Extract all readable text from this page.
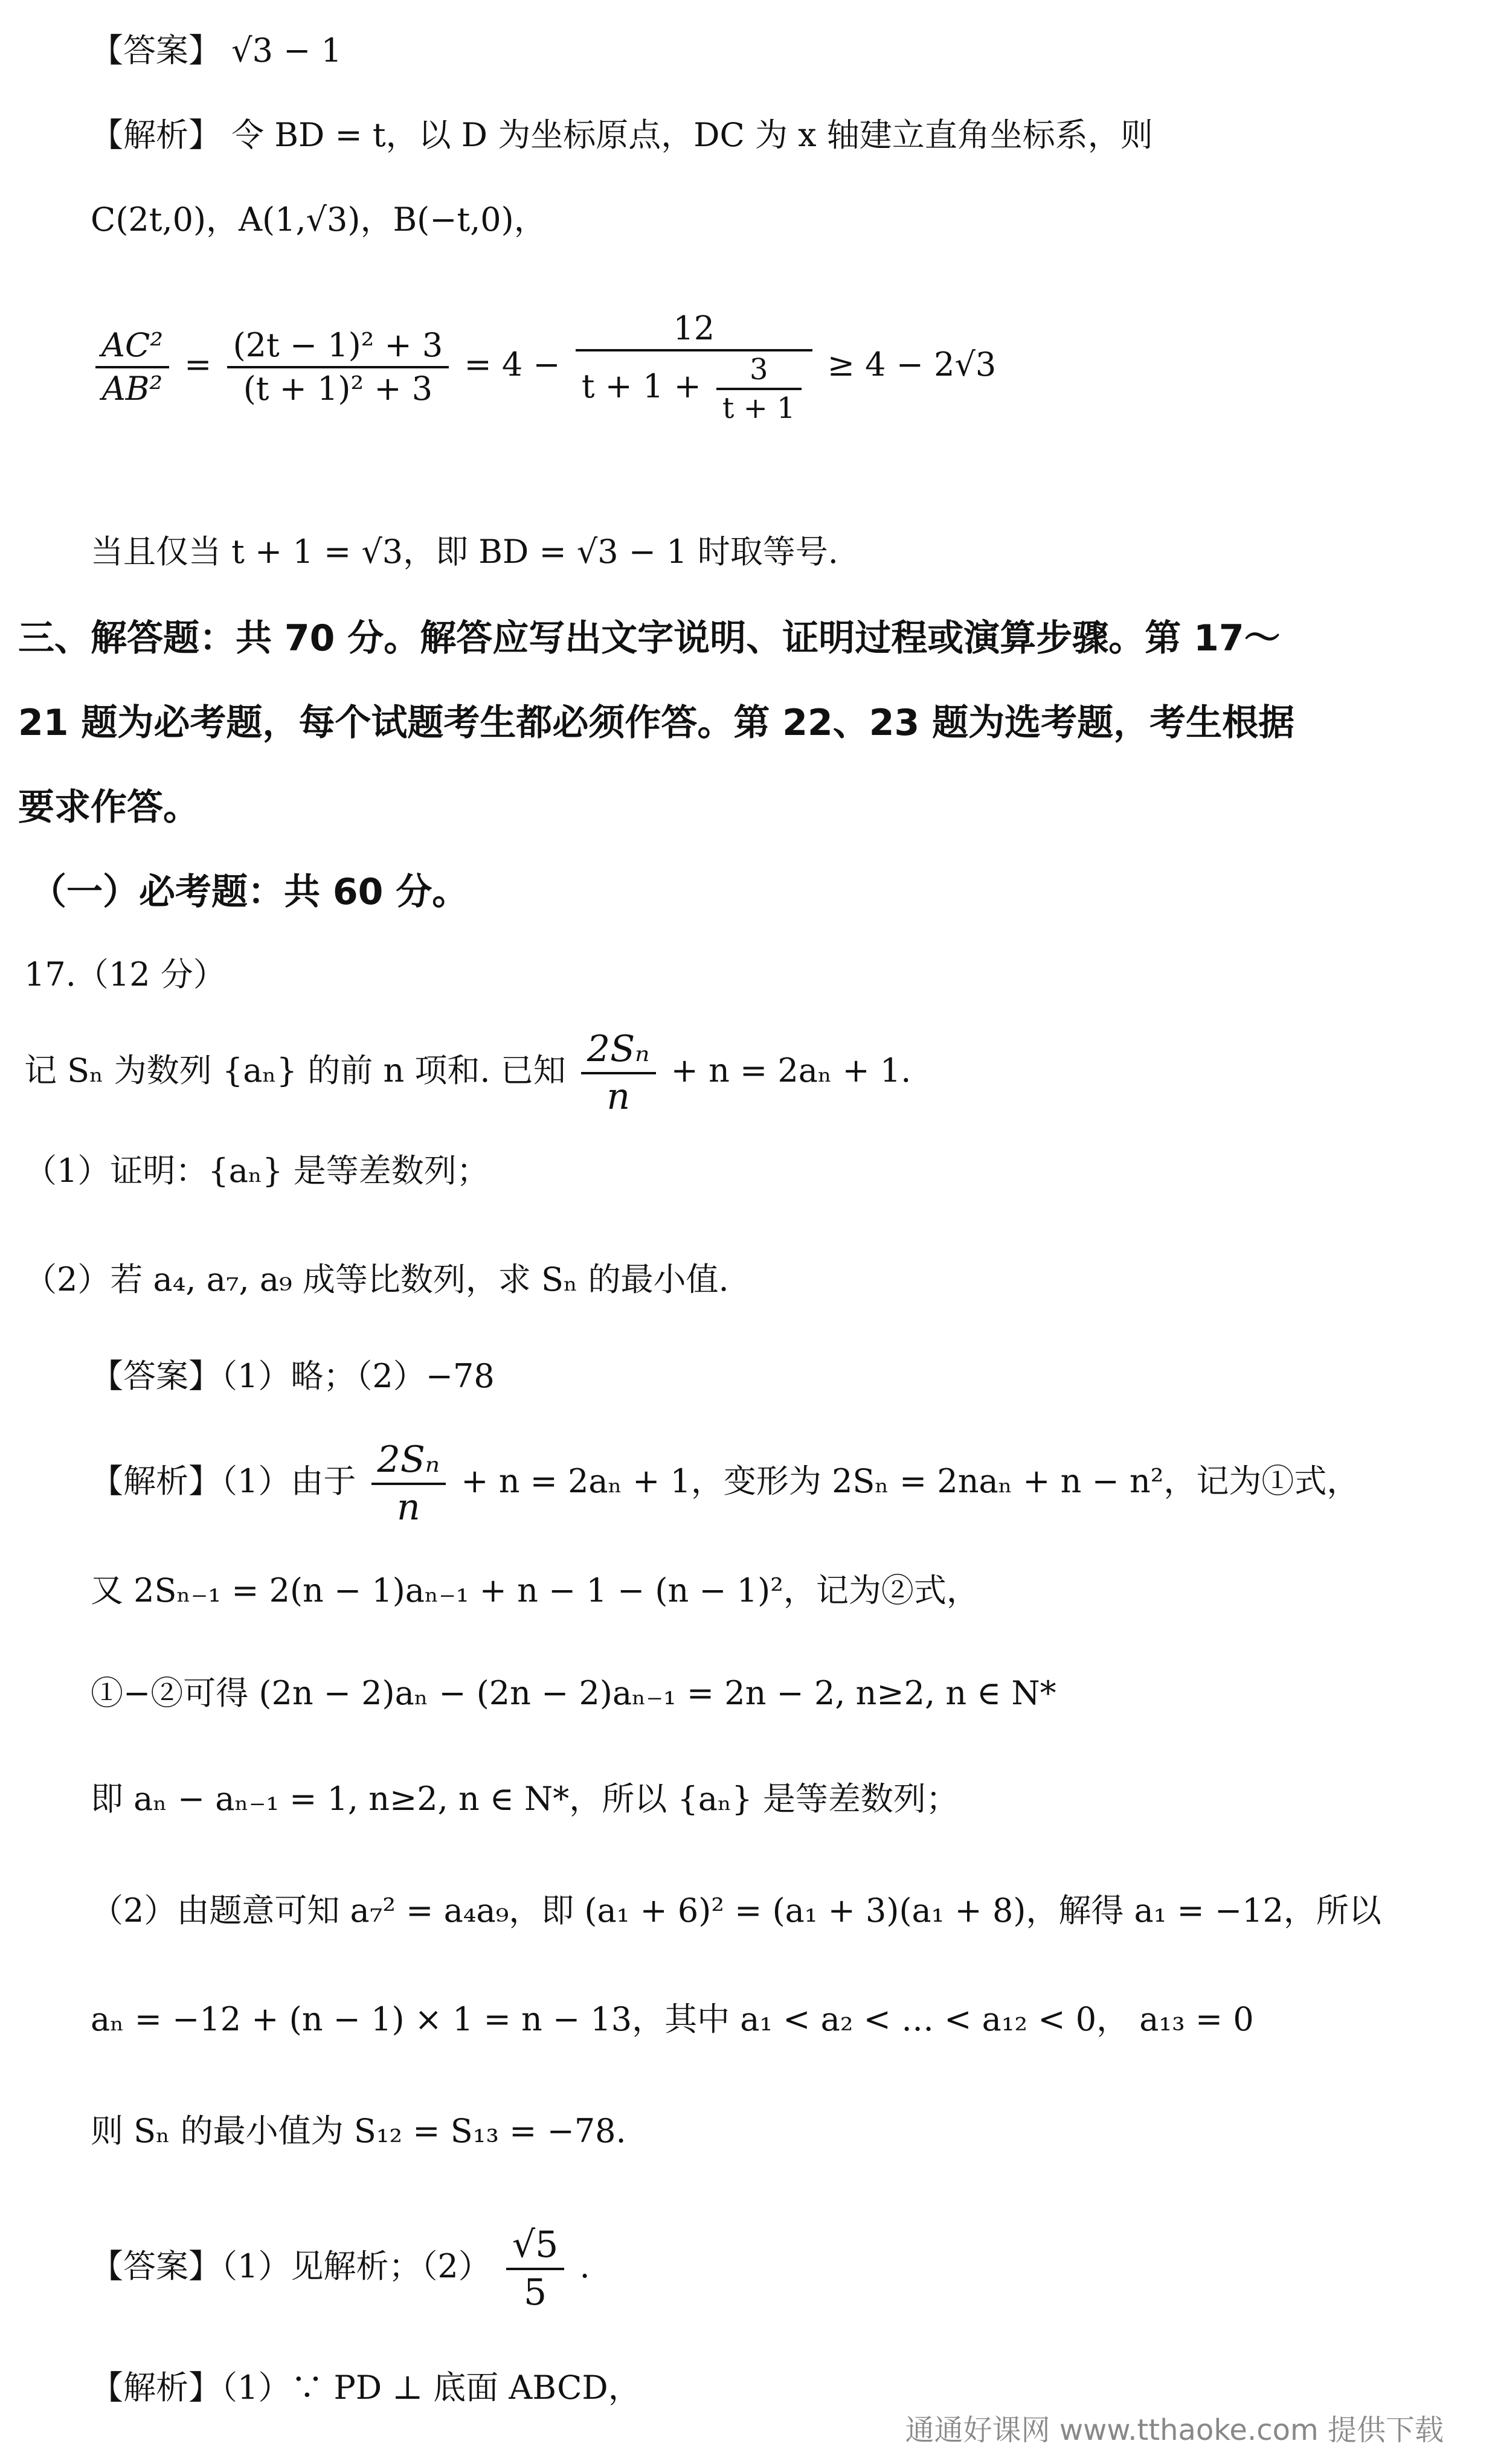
【答案】 √3 − 1
【解析】 令 BD = t，以 D 为坐标原点，DC 为 x 轴建立直角坐标系，则
C(2t,0)，A(1,√3)，B(−t,0)，
$\frac{\text{AC²}}{\text{AB²}} = \frac{\text{(2t − 1)² + 3}}{\text{(t + 1)² + 3}} = 4 - \frac{12}{t + 1 + \frac{3}{t + 1}} \ge 4 - 2√3$
当且仅当 t + 1 = √3，即 BD = √3 − 1 时取等号.
三、解答题：共 70 分。解答应写出文字说明、证明过程或演算步骤。第 17～
21 题为必考题，每个试题考生都必须作答。第 22、23 题为选考题，考生根据
要求作答。
（一）必考题：共 60 分。
17.（12 分）
记 Sₙ 为数列 {aₙ} 的前 n 项和. 已知 $\frac{\text{2Sₙ}}{n} + n = 2a_n + 1$.
（1）证明：{aₙ} 是等差数列；
（2）若 a₄, a₇, a₉ 成等比数列，求 Sₙ 的最小值.
【答案】（1）略；（2）−78
【解析】（1）由于 $\frac{\text{2Sₙ}}{n} + n = 2a_n + 1$，变形为 2Sₙ = 2naₙ + n − n²，记为①式，
又 2Sₙ₋₁ = 2(n − 1)aₙ₋₁ + n − 1 − (n − 1)²，记为②式，
①−②可得 (2n − 2)aₙ − (2n − 2)aₙ₋₁ = 2n − 2, n≥2, n ∈ N*
即 aₙ − aₙ₋₁ = 1, n≥2, n ∈ N*，所以 {aₙ} 是等差数列；
（2）由题意可知 a₇² = a₄a₉，即 (a₁ + 6)² = (a₁ + 3)(a₁ + 8)，解得 a₁ = −12，所以
aₙ = −12 + (n − 1) × 1 = n − 13，其中 a₁ < a₂ < … < a₁₂ < 0， a₁₃ = 0
则 Sₙ 的最小值为 S₁₂ = S₁₃ = −78.
【答案】（1）见解析；$(2) \frac{√5}{5}$ .
【解析】（1）∵ PD ⊥ 底面 ABCD，
通通好课网 www.tthaoke.com 提供下载
